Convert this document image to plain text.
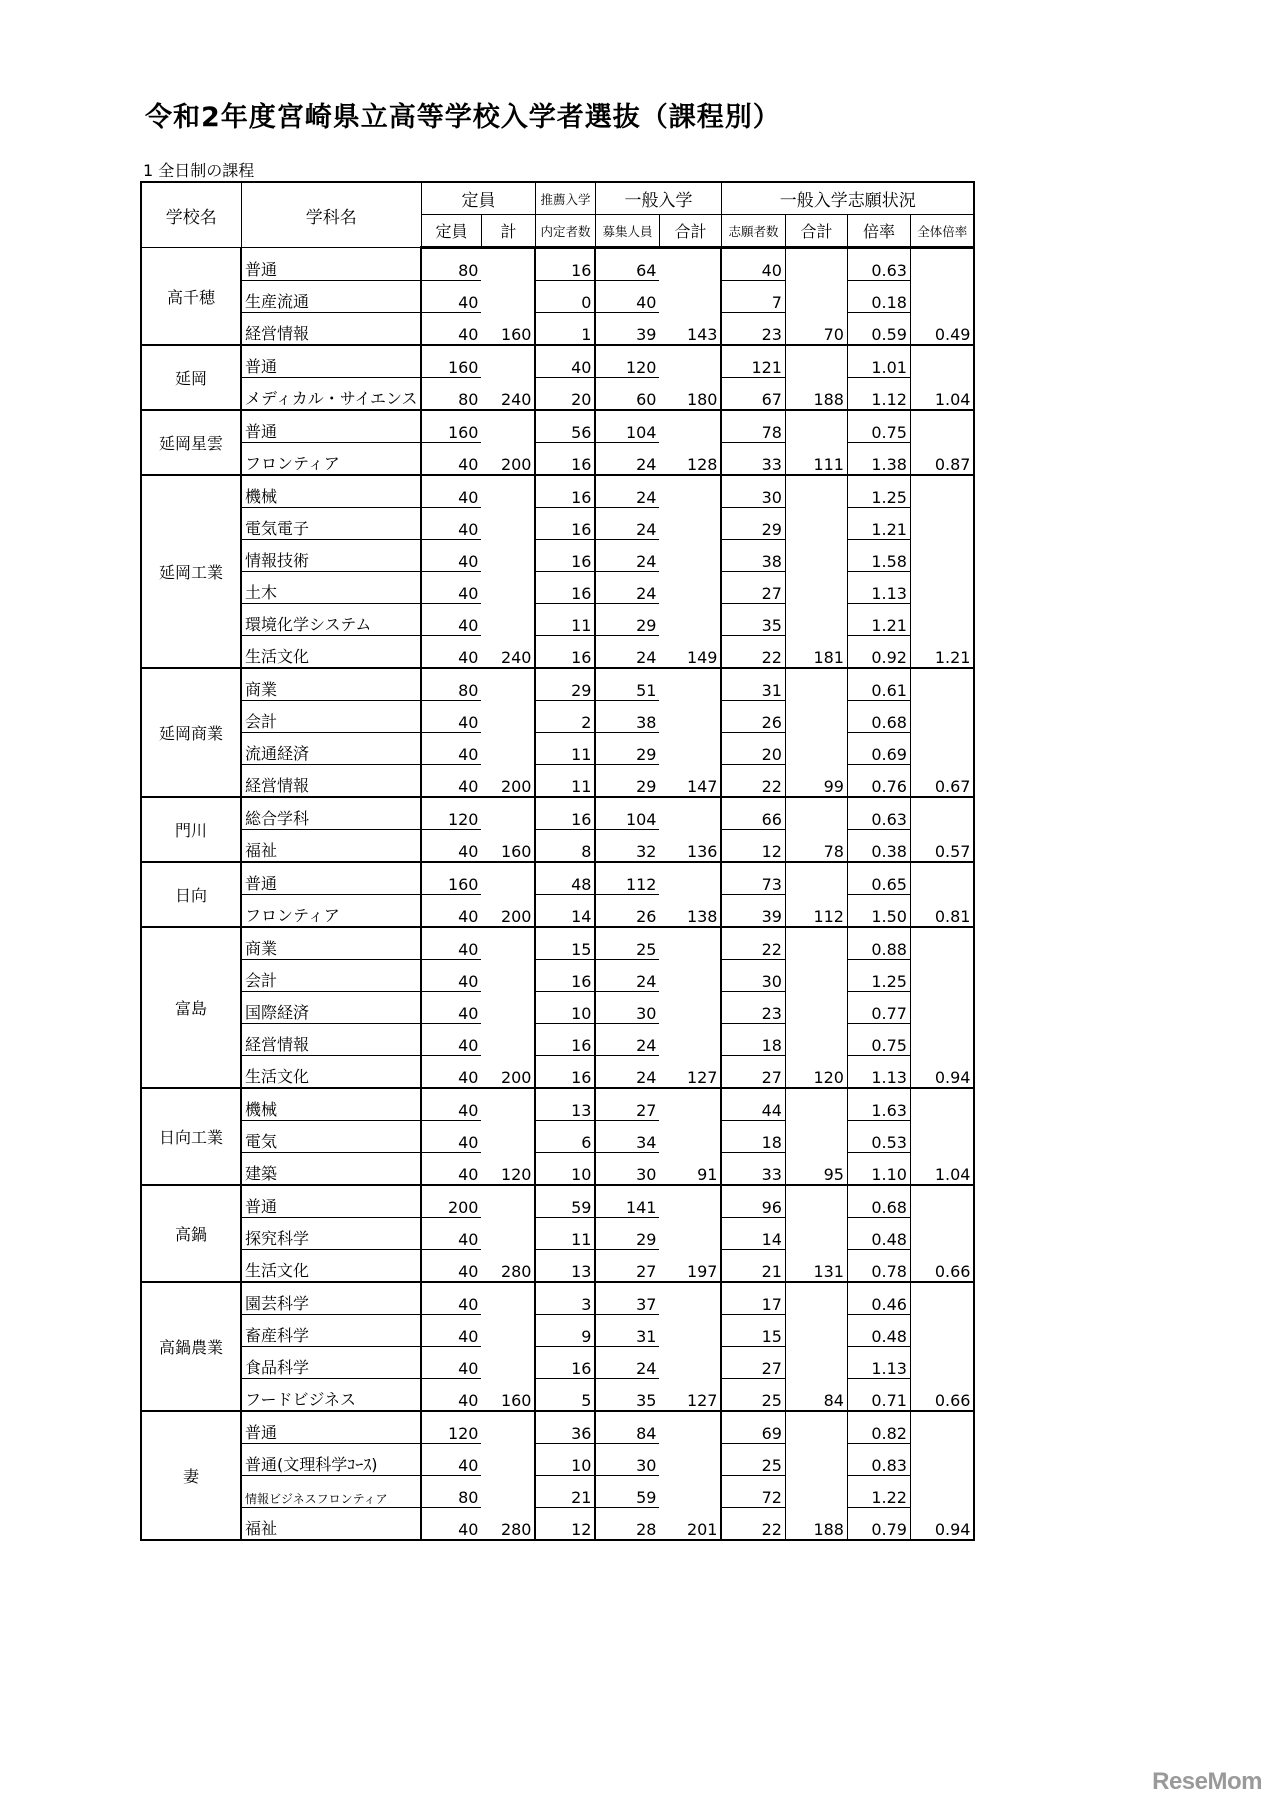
令和2年度宮崎県立高等学校入学者選抜（課程別）
1 全日制の課程
学校名	学科名	定員		推薦入学	一般入学		一般入学志願状況			
		定員	計	内定者数	募集人員	合計	志願者数	合計	倍率	全体倍率
高千穂	普通	80		16	64		40		0.63	
	生産流通	40		0	40		7		0.18	
	経営情報	40	160	1	39	143	23	70	0.59	0.49
延岡	普通	160		40	120		121		1.01	
	メディカル・サイエンス	80	240	20	60	180	67	188	1.12	1.04
延岡星雲	普通	160		56	104		78		0.75	
	フロンティア	40	200	16	24	128	33	111	1.38	0.87
延岡工業	機械	40		16	24		30		1.25	
	電気電子	40		16	24		29		1.21	
	情報技術	40		16	24		38		1.58	
	土木	40		16	24		27		1.13	
	環境化学システム	40		11	29		35		1.21	
	生活文化	40	240	16	24	149	22	181	0.92	1.21
延岡商業	商業	80		29	51		31		0.61	
	会計	40		2	38		26		0.68	
	流通経済	40		11	29		20		0.69	
	経営情報	40	200	11	29	147	22	99	0.76	0.67
門川	総合学科	120		16	104		66		0.63	
	福祉	40	160	8	32	136	12	78	0.38	0.57
日向	普通	160		48	112		73		0.65	
	フロンティア	40	200	14	26	138	39	112	1.50	0.81
富島	商業	40		15	25		22		0.88	
	会計	40		16	24		30		1.25	
	国際経済	40		10	30		23		0.77	
	経営情報	40		16	24		18		0.75	
	生活文化	40	200	16	24	127	27	120	1.13	0.94
日向工業	機械	40		13	27		44		1.63	
	電気	40		6	34		18		0.53	
	建築	40	120	10	30	91	33	95	1.10	1.04
高鍋	普通	200		59	141		96		0.68	
	探究科学	40		11	29		14		0.48	
	生活文化	40	280	13	27	197	21	131	0.78	0.66
高鍋農業	園芸科学	40		3	37		17		0.46	
	畜産科学	40		9	31		15		0.48	
	食品科学	40		16	24		27		1.13	
	フードビジネス	40	160	5	35	127	25	84	0.71	0.66
妻	普通	120		36	84		69		0.82	
	普通(文理科学ｺｰｽ)	40		10	30		25		0.83	
	情報ビジネスフロンティア	80		21	59		72		1.22	
	福祉	40	280	12	28	201	22	188	0.79	0.94
ReseMom
